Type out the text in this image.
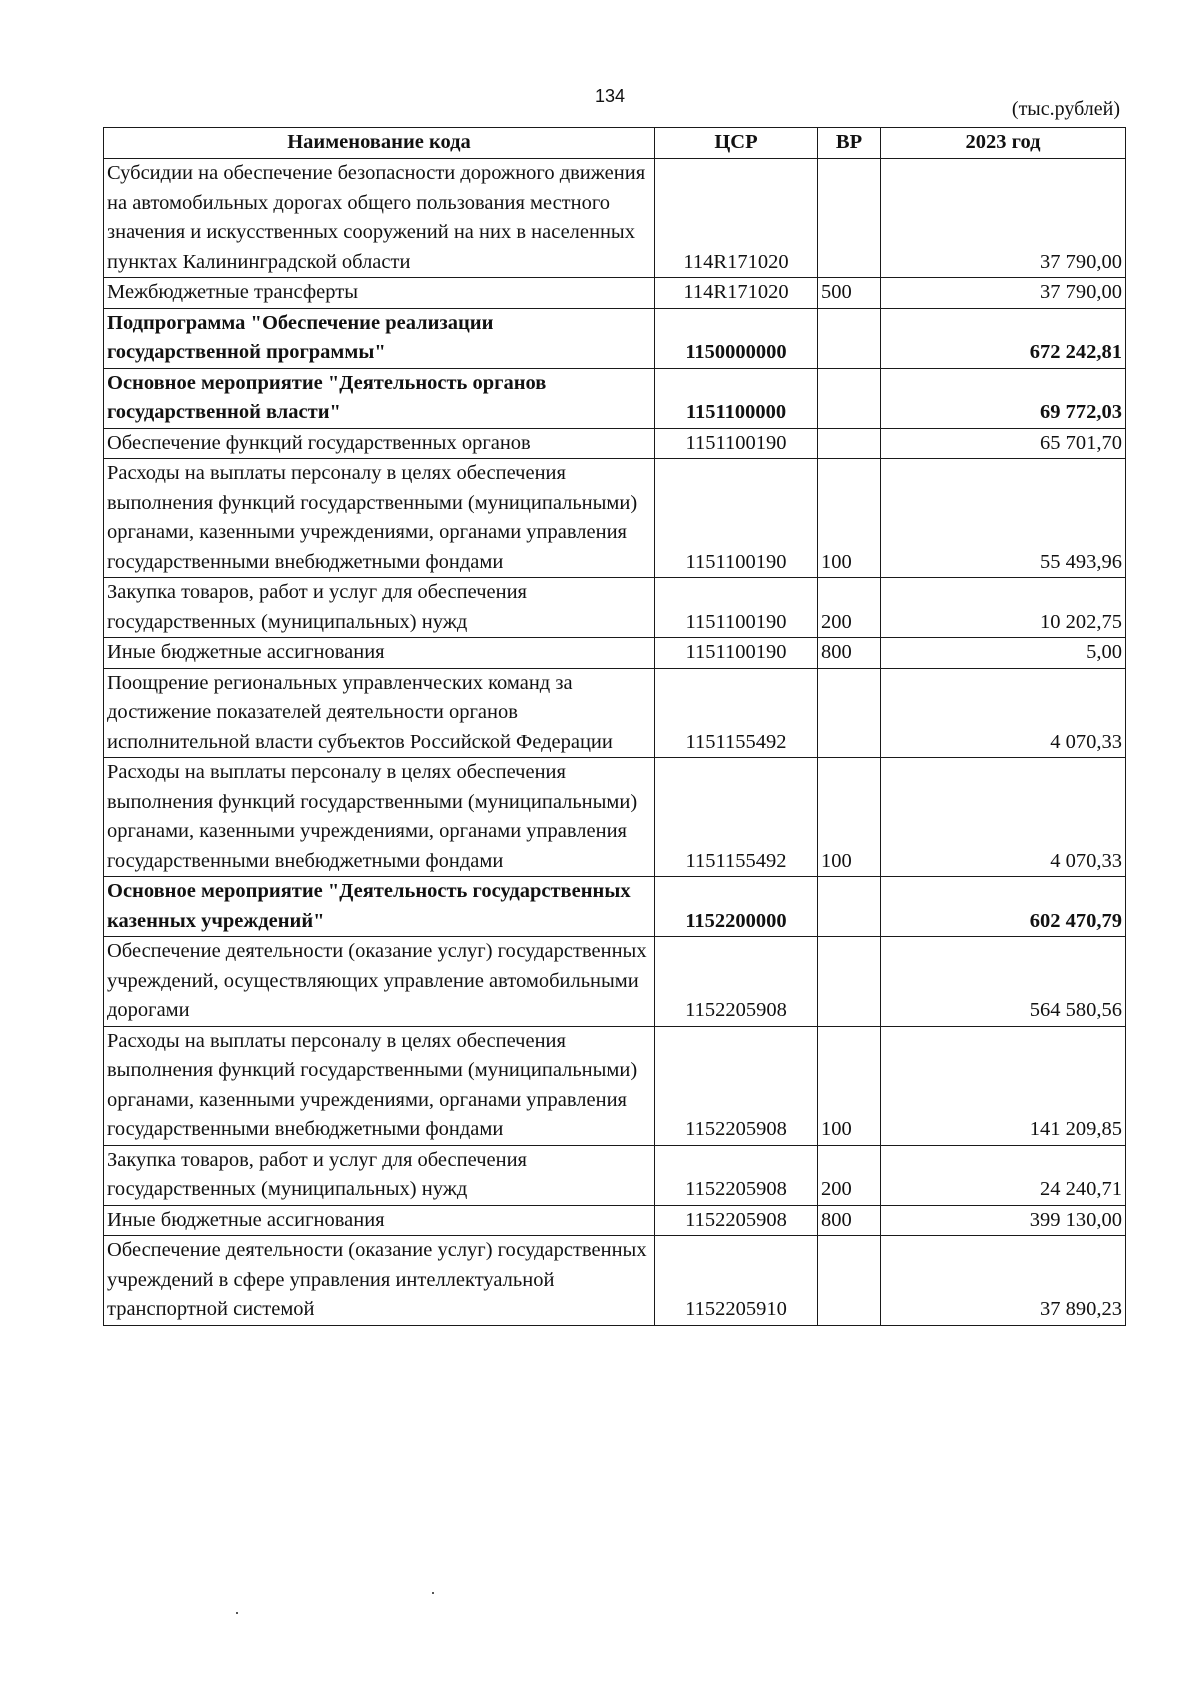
134
(тыс.рублей)
Наименование кода	ЦСР	ВР	2023 год
Субсидии на обеспечение безопасности дорожного движения на автомобильных дорогах общего пользования местного значения и искусственных сооружений на них в населенных пунктах Калининградской области	114R171020		37 790,00
Межбюджетные трансферты	114R171020	500	37 790,00
Подпрограмма "Обеспечение реализации государственной программы"	1150000000		672 242,81
Основное мероприятие "Деятельность органов государственной власти"	1151100000		69 772,03
Обеспечение функций государственных органов	1151100190		65 701,70
Расходы на выплаты персоналу в целях обеспечения выполнения функций государственными (муниципальными) органами, казенными учреждениями, органами управления государственными внебюджетными фондами	1151100190	100	55 493,96
Закупка товаров, работ и услуг для обеспечения государственных (муниципальных) нужд	1151100190	200	10 202,75
Иные бюджетные ассигнования	1151100190	800	5,00
Поощрение региональных управленческих команд за достижение показателей деятельности органов исполнительной власти субъектов Российской Федерации	1151155492		4 070,33
Расходы на выплаты персоналу в целях обеспечения выполнения функций государственными (муниципальными) органами, казенными учреждениями, органами управления государственными внебюджетными фондами	1151155492	100	4 070,33
Основное мероприятие "Деятельность государственных казенных учреждений"	1152200000		602 470,79
Обеспечение деятельности (оказание услуг) государственных учреждений, осуществляющих управление автомобильными дорогами	1152205908		564 580,56
Расходы на выплаты персоналу в целях обеспечения выполнения функций государственными (муниципальными) органами, казенными учреждениями, органами управления государственными внебюджетными фондами	1152205908	100	141 209,85
Закупка товаров, работ и услуг для обеспечения государственных (муниципальных) нужд	1152205908	200	24 240,71
Иные бюджетные ассигнования	1152205908	800	399 130,00
Обеспечение деятельности (оказание услуг) государственных учреждений в сфере управления интеллектуальной транспортной системой	1152205910		37 890,23
